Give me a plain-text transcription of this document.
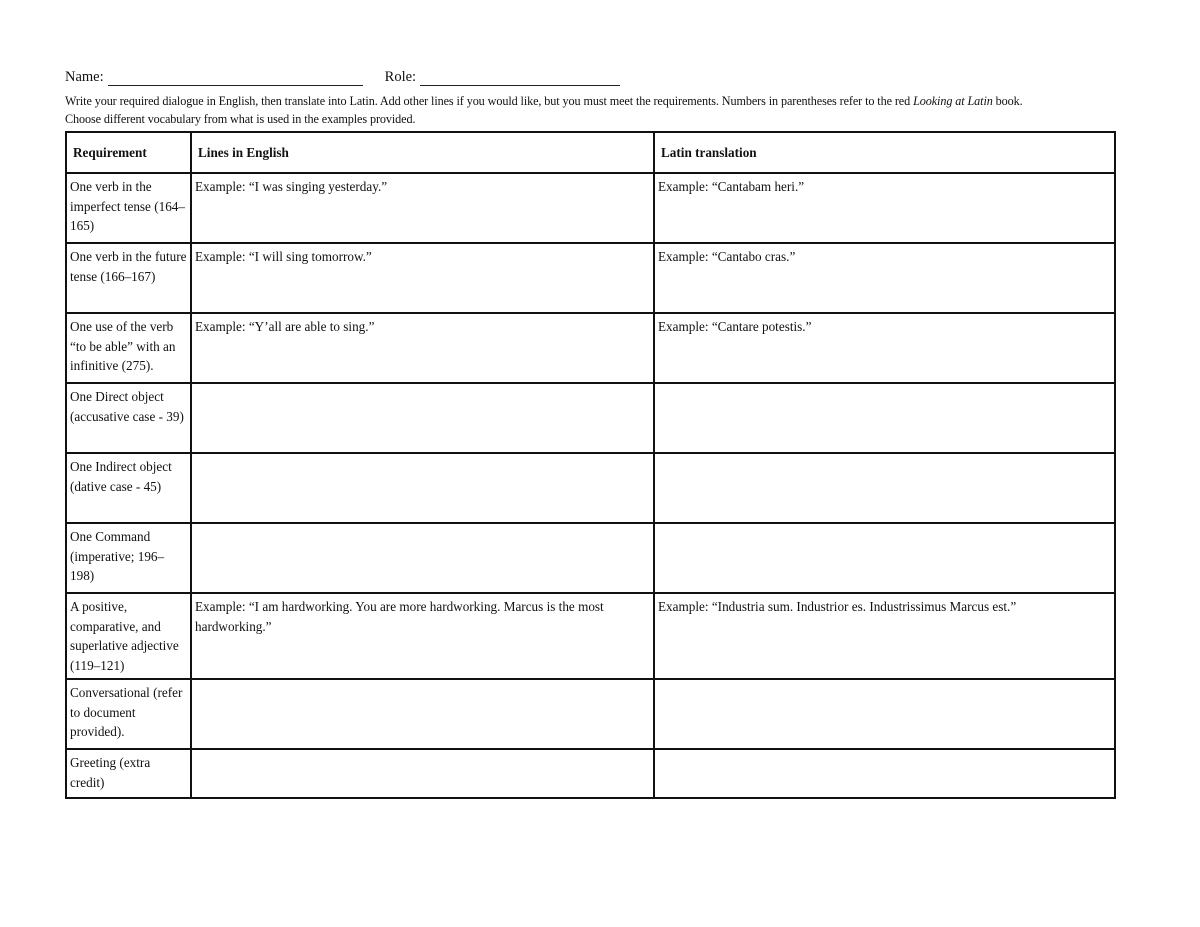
Name:	Role:
Write your required dialogue in English, then translate into Latin. Add other lines if you would like, but you must meet the requirements. Numbers in parentheses refer to the red Looking at Latin book.
Choose different vocabulary from what is used in the examples provided.
Requirement	Lines in English	Latin translation
One verb in the imperfect tense (164–165)	Example: “I was singing yesterday.”	Example: “Cantabam heri.”
One verb in the future tense (166–167)	Example: “I will sing tomorrow.”	Example: “Cantabo cras.”
One use of the verb “to be able” with an infinitive (275).	Example: “Y’all are able to sing.”	Example: “Cantare potestis.”
One Direct object (accusative case - 39)		
One Indirect object (dative case - 45)		
One Command (imperative; 196–198)		
A positive, comparative, and superlative adjective (119–121)	Example: “I am hardworking. You are more hardworking. Marcus is the most hardworking.”	Example: “Industria sum. Industrior es. Industrissimus Marcus est.”
Conversational (refer to document provided).		
Greeting (extra credit)		
